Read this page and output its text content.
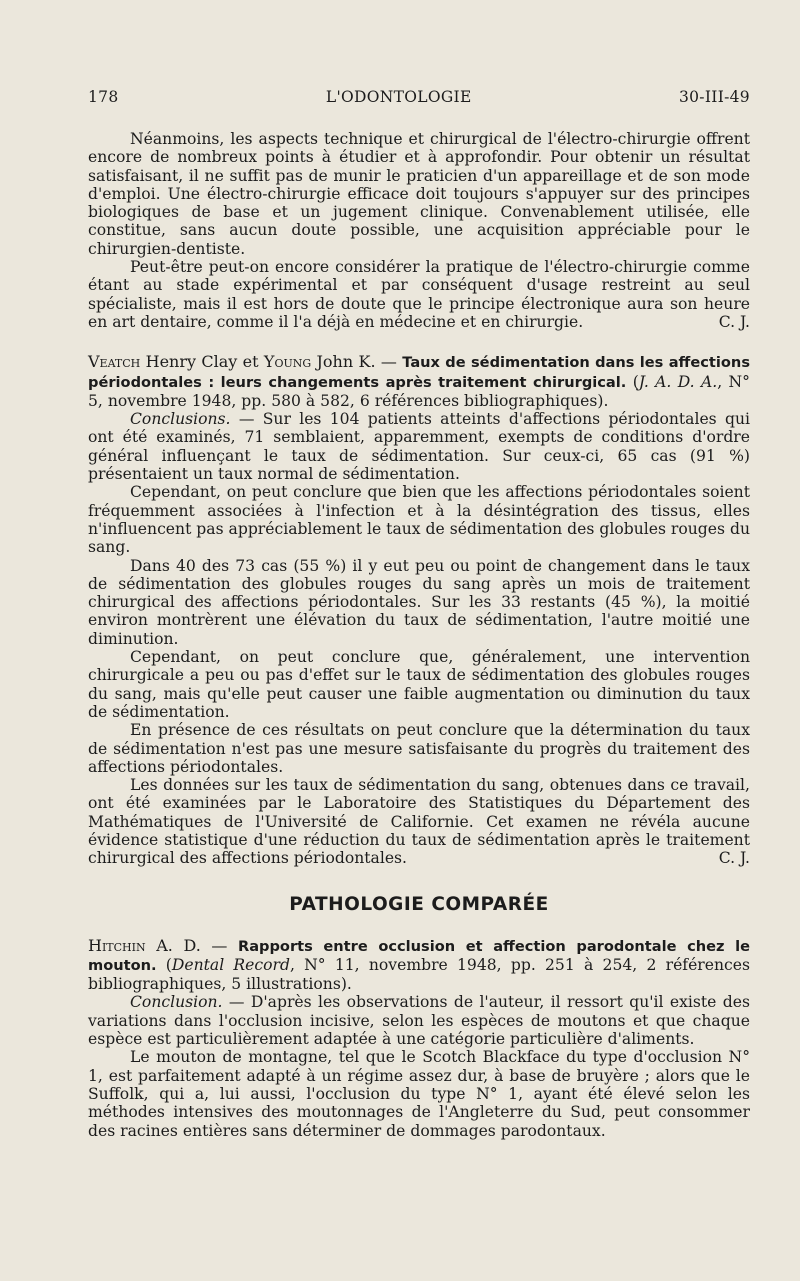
178	L'ODONTOLOGIE	30-III-49

Néanmoins, les aspects technique et chirurgical de l'électro-chirurgie offrent encore de nombreux points à étudier et à approfondir. Pour obtenir un résultat satisfaisant, il ne suffit pas de munir le praticien d'un appareillage et de son mode d'emploi. Une électro-chirurgie efficace doit toujours s'appuyer sur des principes biologiques de base et un jugement clinique. Convenablement utilisée, elle constitue, sans aucun doute possible, une acquisition appréciable pour le chirurgien-dentiste.

Peut-être peut-on encore considérer la pratique de l'électro-chirurgie comme étant au stade expérimental et par conséquent d'usage restreint au seul spécialiste, mais il est hors de doute que le principe électronique aura son heure en art dentaire, comme il l'a déjà en médecine et en chirurgie.	C. J.

Veatch Henry Clay et Young John K. — Taux de sédimentation dans les affections périodontales : leurs changements après traitement chirurgical. (J. A. D. A., N° 5, novembre 1948, pp. 580 à 582, 6 références bibliographiques).

Conclusions. — Sur les 104 patients atteints d'affections périodontales qui ont été examinés, 71 semblaient, apparemment, exempts de conditions d'ordre général influençant le taux de sédimentation. Sur ceux-ci, 65 cas (91 %) présentaient un taux normal de sédimentation.

Cependant, on peut conclure que bien que les affections périodontales soient fréquemment associées à l'infection et à la désintégration des tissus, elles n'influencent pas appréciablement le taux de sédimentation des globules rouges du sang.

Dans 40 des 73 cas (55 %) il y eut peu ou point de changement dans le taux de sédimentation des globules rouges du sang après un mois de traitement chirurgical des affections périodontales. Sur les 33 restants (45 %), la moitié environ montrèrent une élévation du taux de sédimentation, l'autre moitié une diminution.

Cependant, on peut conclure que, généralement, une intervention chirurgicale a peu ou pas d'effet sur le taux de sédimentation des globules rouges du sang, mais qu'elle peut causer une faible augmentation ou diminution du taux de sédimentation.

En présence de ces résultats on peut conclure que la détermination du taux de sédimentation n'est pas une mesure satisfaisante du progrès du traitement des affections périodontales.

Les données sur les taux de sédimentation du sang, obtenues dans ce travail, ont été examinées par le Laboratoire des Statistiques du Département des Mathématiques de l'Université de Californie. Cet examen ne révéla aucune évidence statistique d'une réduction du taux de sédimentation après le traitement chirurgical des affections périodontales.	C. J.

PATHOLOGIE COMPARÉE

Hitchin A. D. — Rapports entre occlusion et affection parodontale chez le mouton. (Dental Record, N° 11, novembre 1948, pp. 251 à 254, 2 références bibliographiques, 5 illustrations).

Conclusion. — D'après les observations de l'auteur, il ressort qu'il existe des variations dans l'occlusion incisive, selon les espèces de moutons et que chaque espèce est particulièrement adaptée à une catégorie particulière d'aliments.

Le mouton de montagne, tel que le Scotch Blackface du type d'occlusion N° 1, est parfaitement adapté à un régime assez dur, à base de bruyère ; alors que le Suffolk, qui a, lui aussi, l'occlusion du type N° 1, ayant été élevé selon les méthodes intensives des moutonnages de l'Angleterre du Sud, peut consommer des racines entières sans déterminer de dommages parodontaux.
